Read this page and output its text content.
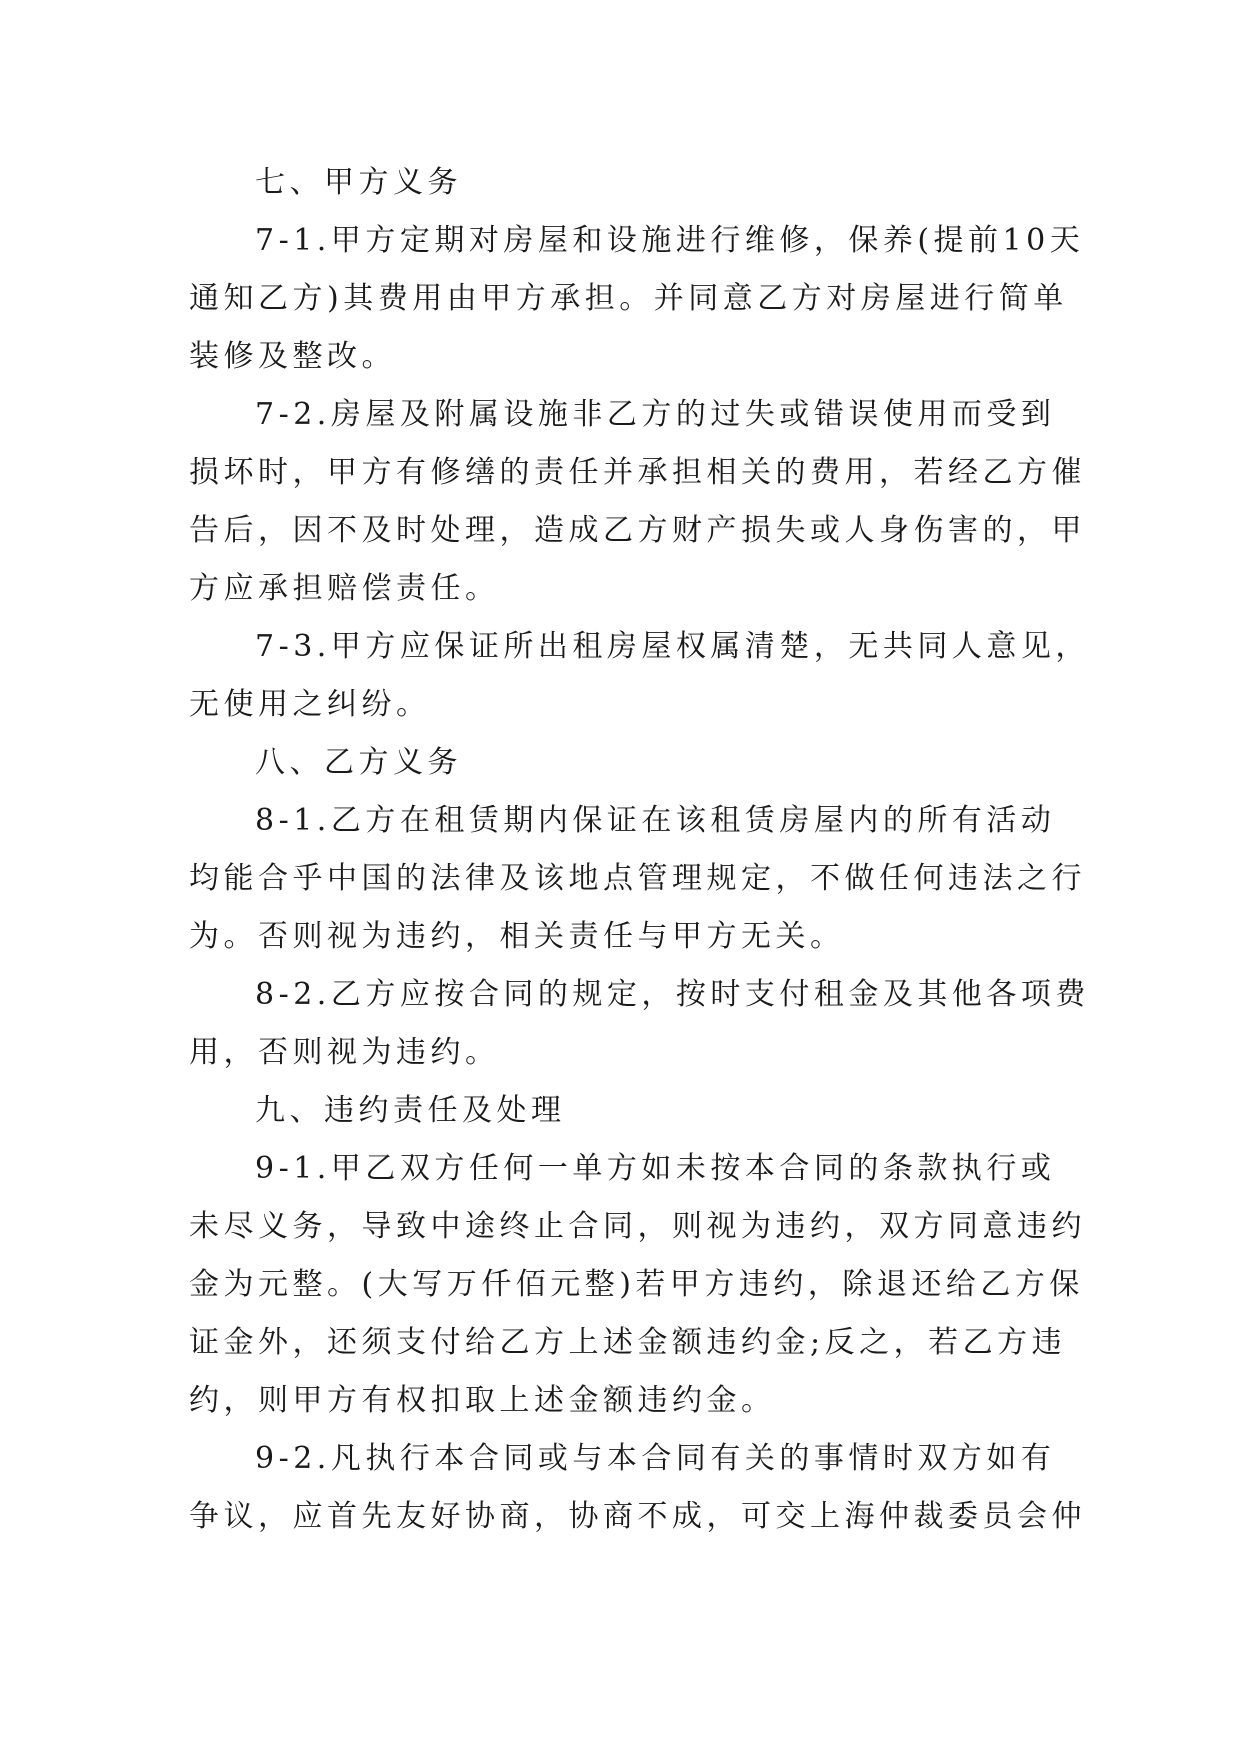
七、甲方义务
7-1.甲方定期对房屋和设施进行维修，保养(提前10天
通知乙方)其费用由甲方承担。并同意乙方对房屋进行简单
装修及整改。
7-2.房屋及附属设施非乙方的过失或错误使用而受到
损坏时，甲方有修缮的责任并承担相关的费用，若经乙方催
告后，因不及时处理，造成乙方财产损失或人身伤害的，甲
方应承担赔偿责任。
7-3.甲方应保证所出租房屋权属清楚，无共同人意见，
无使用之纠纷。
八、乙方义务
8-1.乙方在租赁期内保证在该租赁房屋内的所有活动
均能合乎中国的法律及该地点管理规定，不做任何违法之行
为。否则视为违约，相关责任与甲方无关。
8-2.乙方应按合同的规定，按时支付租金及其他各项费
用，否则视为违约。
九、违约责任及处理
9-1.甲乙双方任何一单方如未按本合同的条款执行或
未尽义务，导致中途终止合同，则视为违约，双方同意违约
金为元整。(大写万仟佰元整)若甲方违约，除退还给乙方保
证金外，还须支付给乙方上述金额违约金;反之，若乙方违
约，则甲方有权扣取上述金额违约金。
9-2.凡执行本合同或与本合同有关的事情时双方如有
争议，应首先友好协商，协商不成，可交上海仲裁委员会仲
